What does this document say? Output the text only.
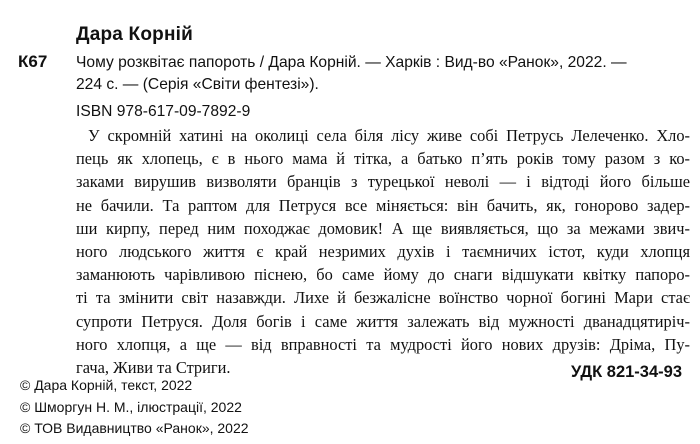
Дара Корній
К67 Чому розквітає папороть / Дара Корній. — Харків : Вид-во «Ранок», 2022. —
224 с. — (Серія «Світи фентезі»).
ISBN 978-617-09-7892-9
У скромній хатині на околиці села біля лісу живе собі Петрусь Лелеченко. Хло-
пець як хлопець, є в нього мама й тітка, а батько п’ять років тому разом з ко-
заками вирушив визволяти бранців з турецької неволі — і відтоді його більше
не бачили. Та раптом для Петруся все міняється: він бачить, як, гоноровo задер-
ши кирпу, перед ним походжає домовик! А ще виявляється, що за межами звич-
ного людського життя є край незримих духів і таємничих істот, куди хлопця
заманюють чарівливою піснею, бо саме йому до снаги відшукати квітку папоро-
ті та змінити світ назавжди. Лихе й безжалісне воїнство чорної богині Мари стає
супроти Петруся. Доля богів і саме життя залежать від мужності дванадцятиріч-
ного хлопця, а ще — від вправності та мудрості його нових друзів: Дріма, Пу-
гача, Живи та Стриги.	УДК 821-34-93
© Дара Корній, текст, 2022
© Шморгун Н. М., ілюстрації, 2022
© ТОВ Видавництво «Ранок», 2022
